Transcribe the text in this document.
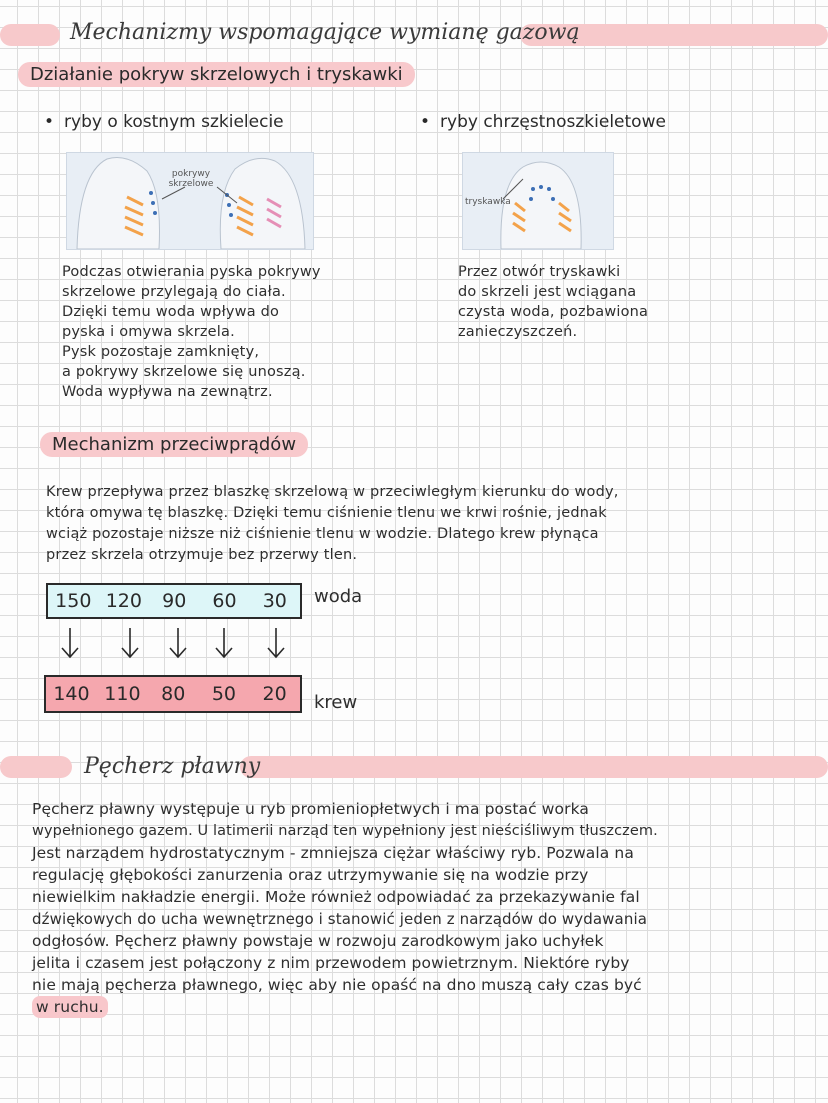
Mechanizmy wspomagające wymianę gazową
Działanie pokryw skrzelowych i tryskawki
• ryby o kostnym szkielecie
•	ryby chrzęstnoszkieletowe
pokrywy skrzelowe
tryskawka
Podczas otwierania pyska pokrywy
skrzelowe przylegają do ciała.
Dzięki temu woda wpływa do
pyska i omywa skrzela.
Pysk pozostaje zamknięty,
a pokrywy skrzelowe się unoszą.
Woda wypływa na zewnątrz.
Przez otwór tryskawki
do skrzeli jest wciągana
czysta woda, pozbawiona
zanieczyszczeń.
Mechanizm przeciwprądów
Krew przepływa przez blaszkę skrzelową w przeciwległym kierunku do wody,
która omywa tę blaszkę. Dzięki temu ciśnienie tlenu we krwi rośnie, jednak
wciąż pozostaje niższe niż ciśnienie tlenu w wodzie. Dlatego krew płynąca
przez skrzela otrzymuje bez przerwy tlen.
150 120	90	60	30	woda
140 110	80	50	20	krew
Pęcherz pławny
Pęcherz pławny występuje u ryb promieniopłetwych i ma postać worka
wypełnionego gazem. U latimerii narząd ten wypełniony jest nieściśliwym tłuszczem.
Jest narządem hydrostatycznym - zmniejsza ciężar właściwy ryb. Pozwala na
regulację głębokości zanurzenia oraz utrzymywanie się na wodzie przy
niewielkim nakładzie energii. Może również odpowiadać za przekazywanie fal
dźwiękowych do ucha wewnętrznego i stanowić jeden z narządów do wydawania
odgłosów. Pęcherz pławny powstaje w rozwoju zarodkowym jako uchyłek
jelita i czasem jest połączony z nim przewodem powietrznym. Niektóre ryby
nie mają pęcherza pławnego, więc aby nie opaść na dno muszą cały czas być
w ruchu.
